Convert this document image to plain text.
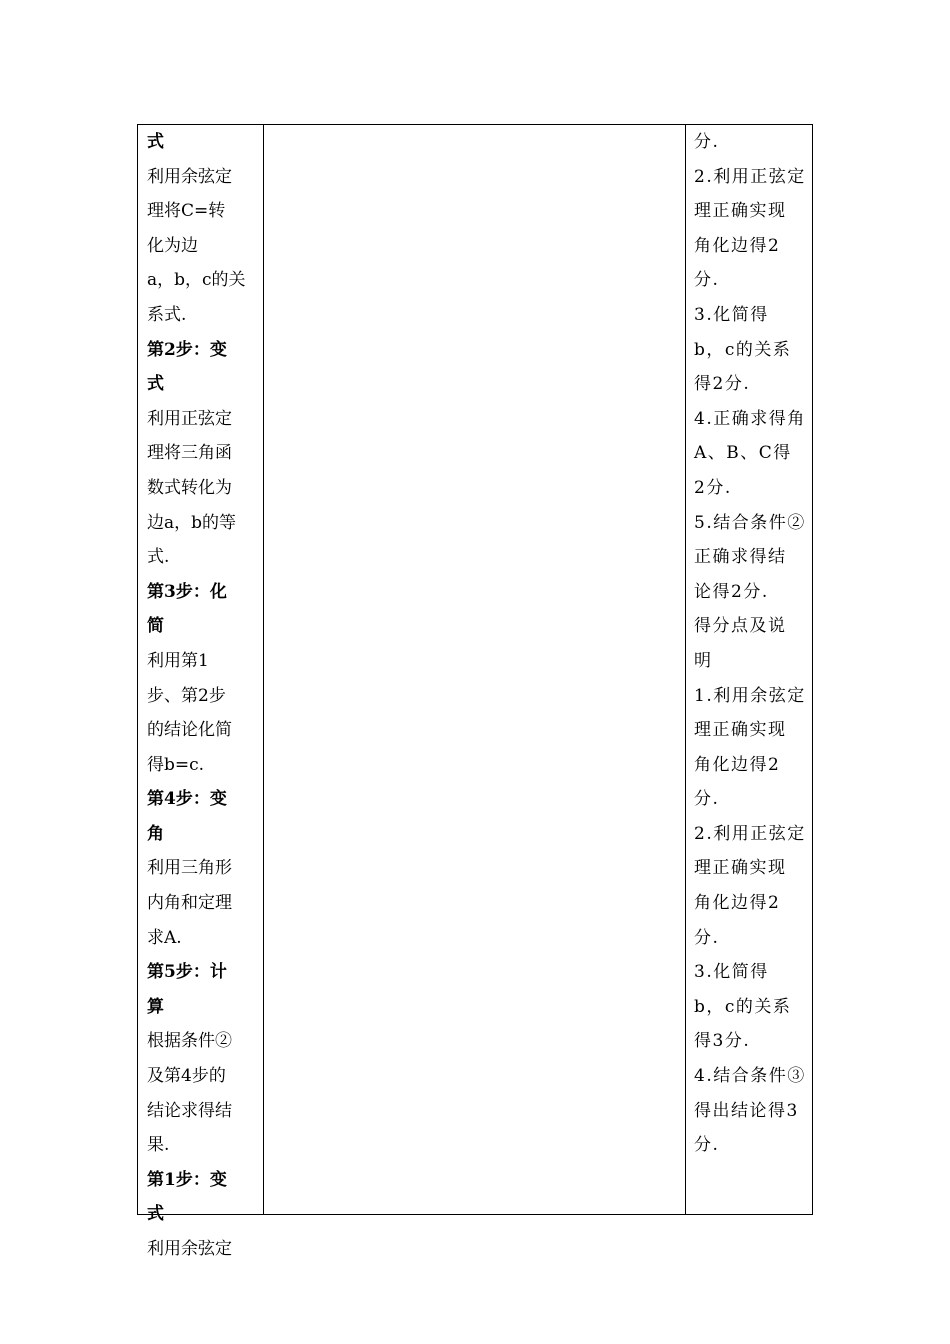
式
利用余弦定
理将C=转
化为边
a，b，c的关
系式.
第2步：变
式
利用正弦定
理将三角函
数式转化为
边a，b的等
式.
第3步：化
简
利用第1
步、第2步
的结论化简
得b=c.
第4步：变
角
利用三角形
内角和定理
求A.
第5步：计
算
根据条件②
及第4步的
结论求得结
果.
第1步：变
式
利用余弦定
分.
2.利用正弦定
理正确实现
角化边得2
分.
3.化简得
b，c的关系
得2分.
4.正确求得角
A、B、C得
2分.
5.结合条件②
正确求得结
论得2分.
得分点及说
明
1.利用余弦定
理正确实现
角化边得2
分.
2.利用正弦定
理正确实现
角化边得2
分.
3.化简得
b，c的关系
得3分.
4.结合条件③
得出结论得3
分.
